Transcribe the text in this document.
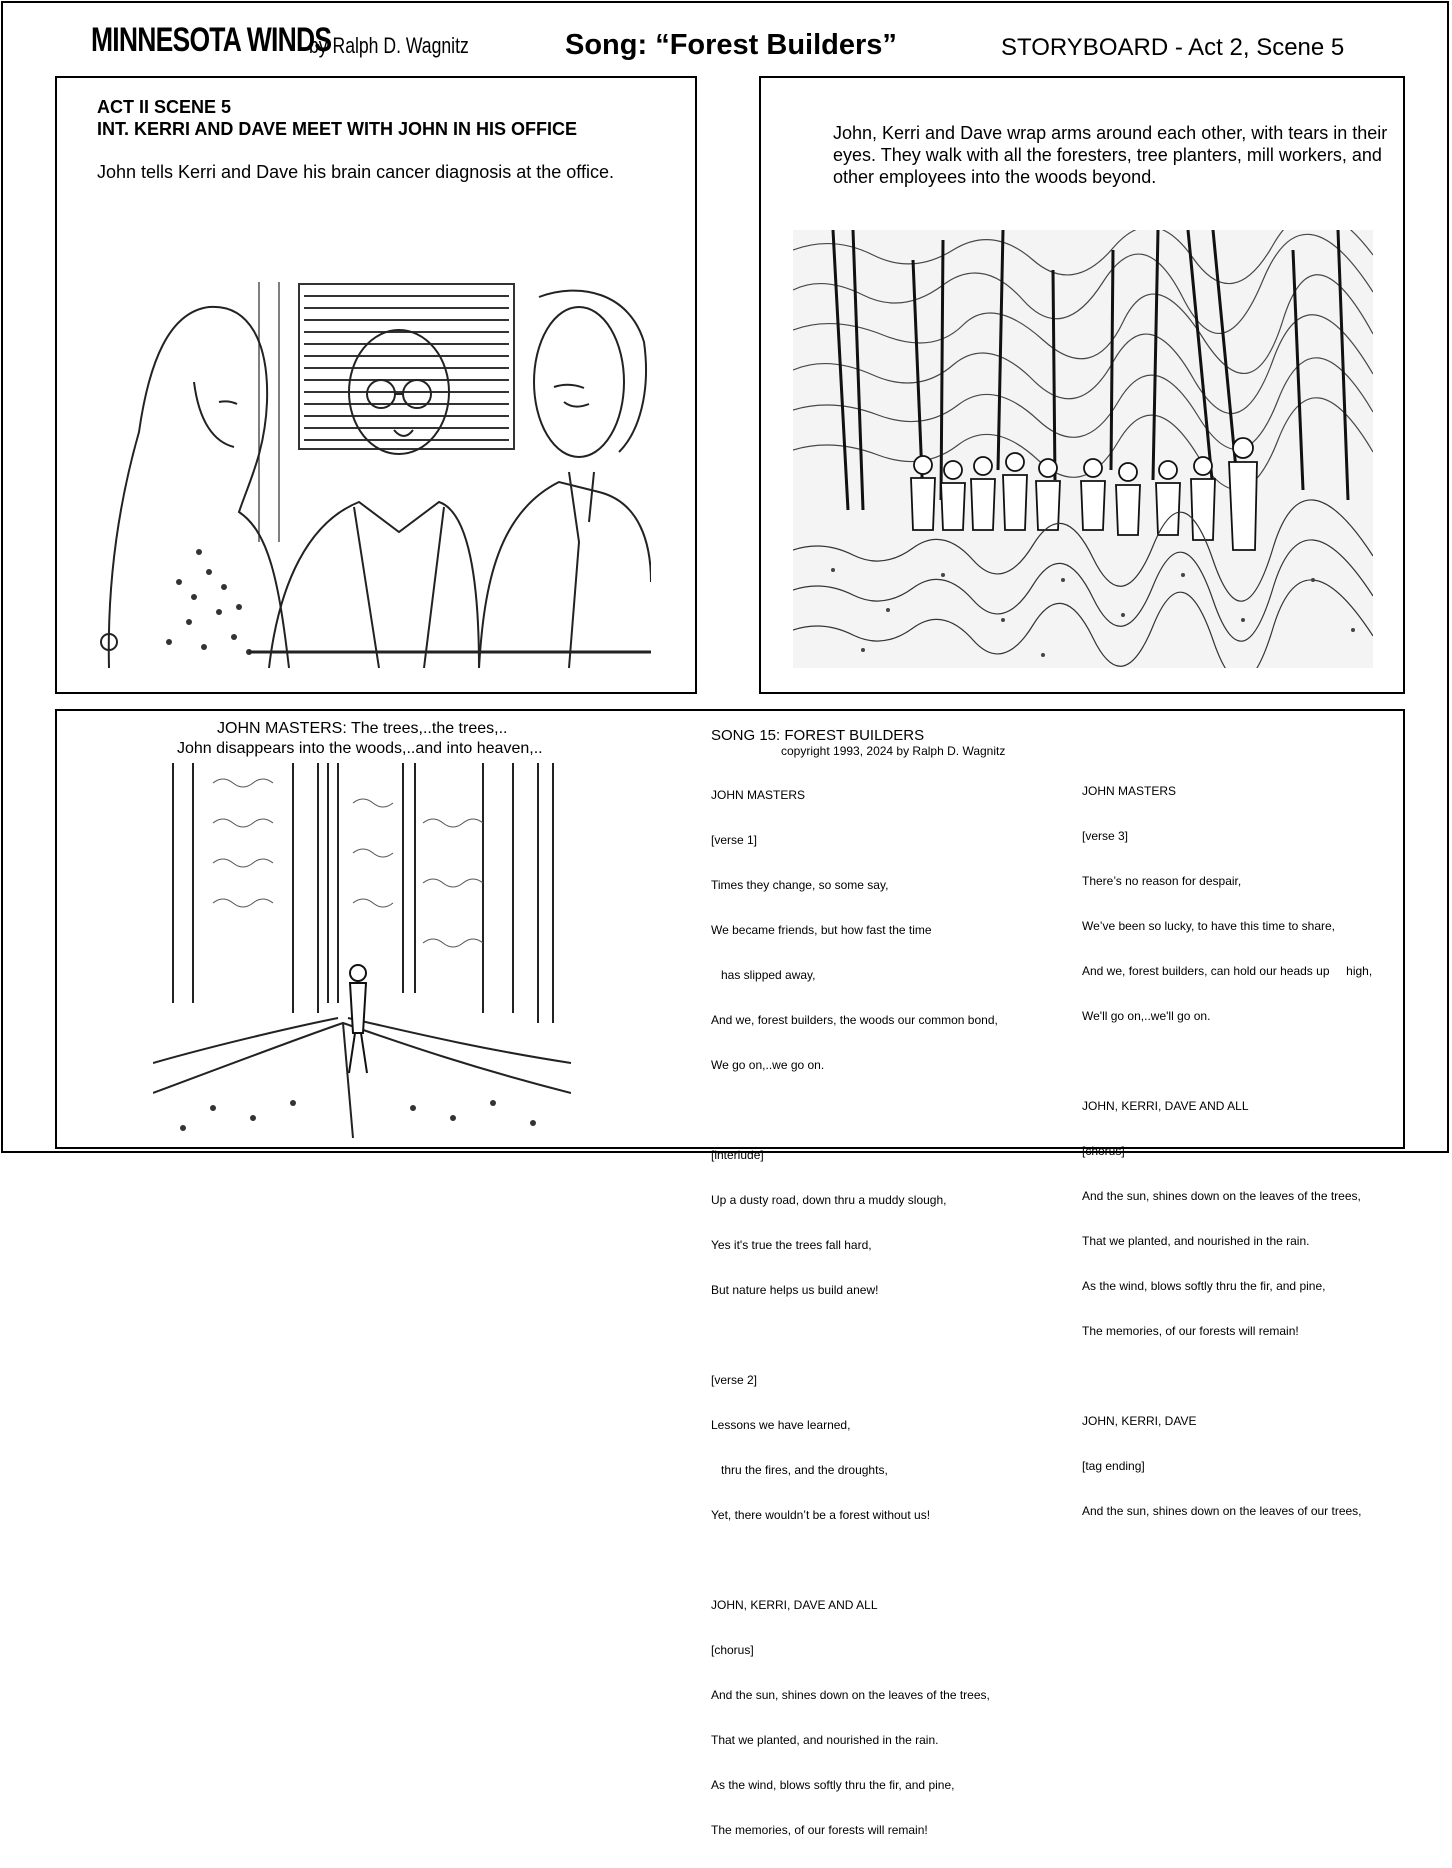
MINNESOTA WINDS
by Ralph D. Wagnitz	Song: “Forest Builders”	STORYBOARD - Act 2, Scene 5
ACT II SCENE 5
INT. KERRI AND DAVE MEET WITH JOHN IN HIS OFFICE
John tells Kerri and Dave his brain cancer diagnosis at the office.
John, Kerri and Dave wrap arms around each other, with tears in their eyes. They walk with all the foresters, tree planters, mill workers, and other employees into the woods beyond.
JOHN MASTERS: The trees,..the trees,..
John disappears into the woods,..and into heaven,..
SONG 15: FOREST BUILDERS
copyright 1993, 2024 by Ralph D. Wagnitz

JOHN MASTERS

[verse 1]

Times they change, so some say,

We became friends, but how fast the time

has slipped away,

And we, forest builders, the woods our common bond,

We go on,..we go on.

[interlude]

Up a dusty road, down thru a muddy slough,

Yes it's true the trees fall hard,

But nature helps us build anew!

[verse 2]

Lessons we have learned,

thru the fires, and the droughts,

Yet, there wouldn’t be a forest without us!

JOHN, KERRI, DAVE AND ALL

[chorus]

And the sun, shines down on the leaves of the trees,

That we planted, and nourished in the rain.

As the wind, blows softly thru the fir, and pine,

The memories, of our forests will remain!

JOHN MASTERS

[verse 3]

There’s no reason for despair,

We’ve been so lucky, to have this time to share,

And we, forest builders, can hold our heads up     high,

We'll go on,..we'll go on.

JOHN, KERRI, DAVE AND ALL

[chorus]

And the sun, shines down on the leaves of the trees,

That we planted, and nourished in the rain.

As the wind, blows softly thru the fir, and pine,

The memories, of our forests will remain!

JOHN, KERRI, DAVE

[tag ending]

And the sun, shines down on the leaves of our trees,
